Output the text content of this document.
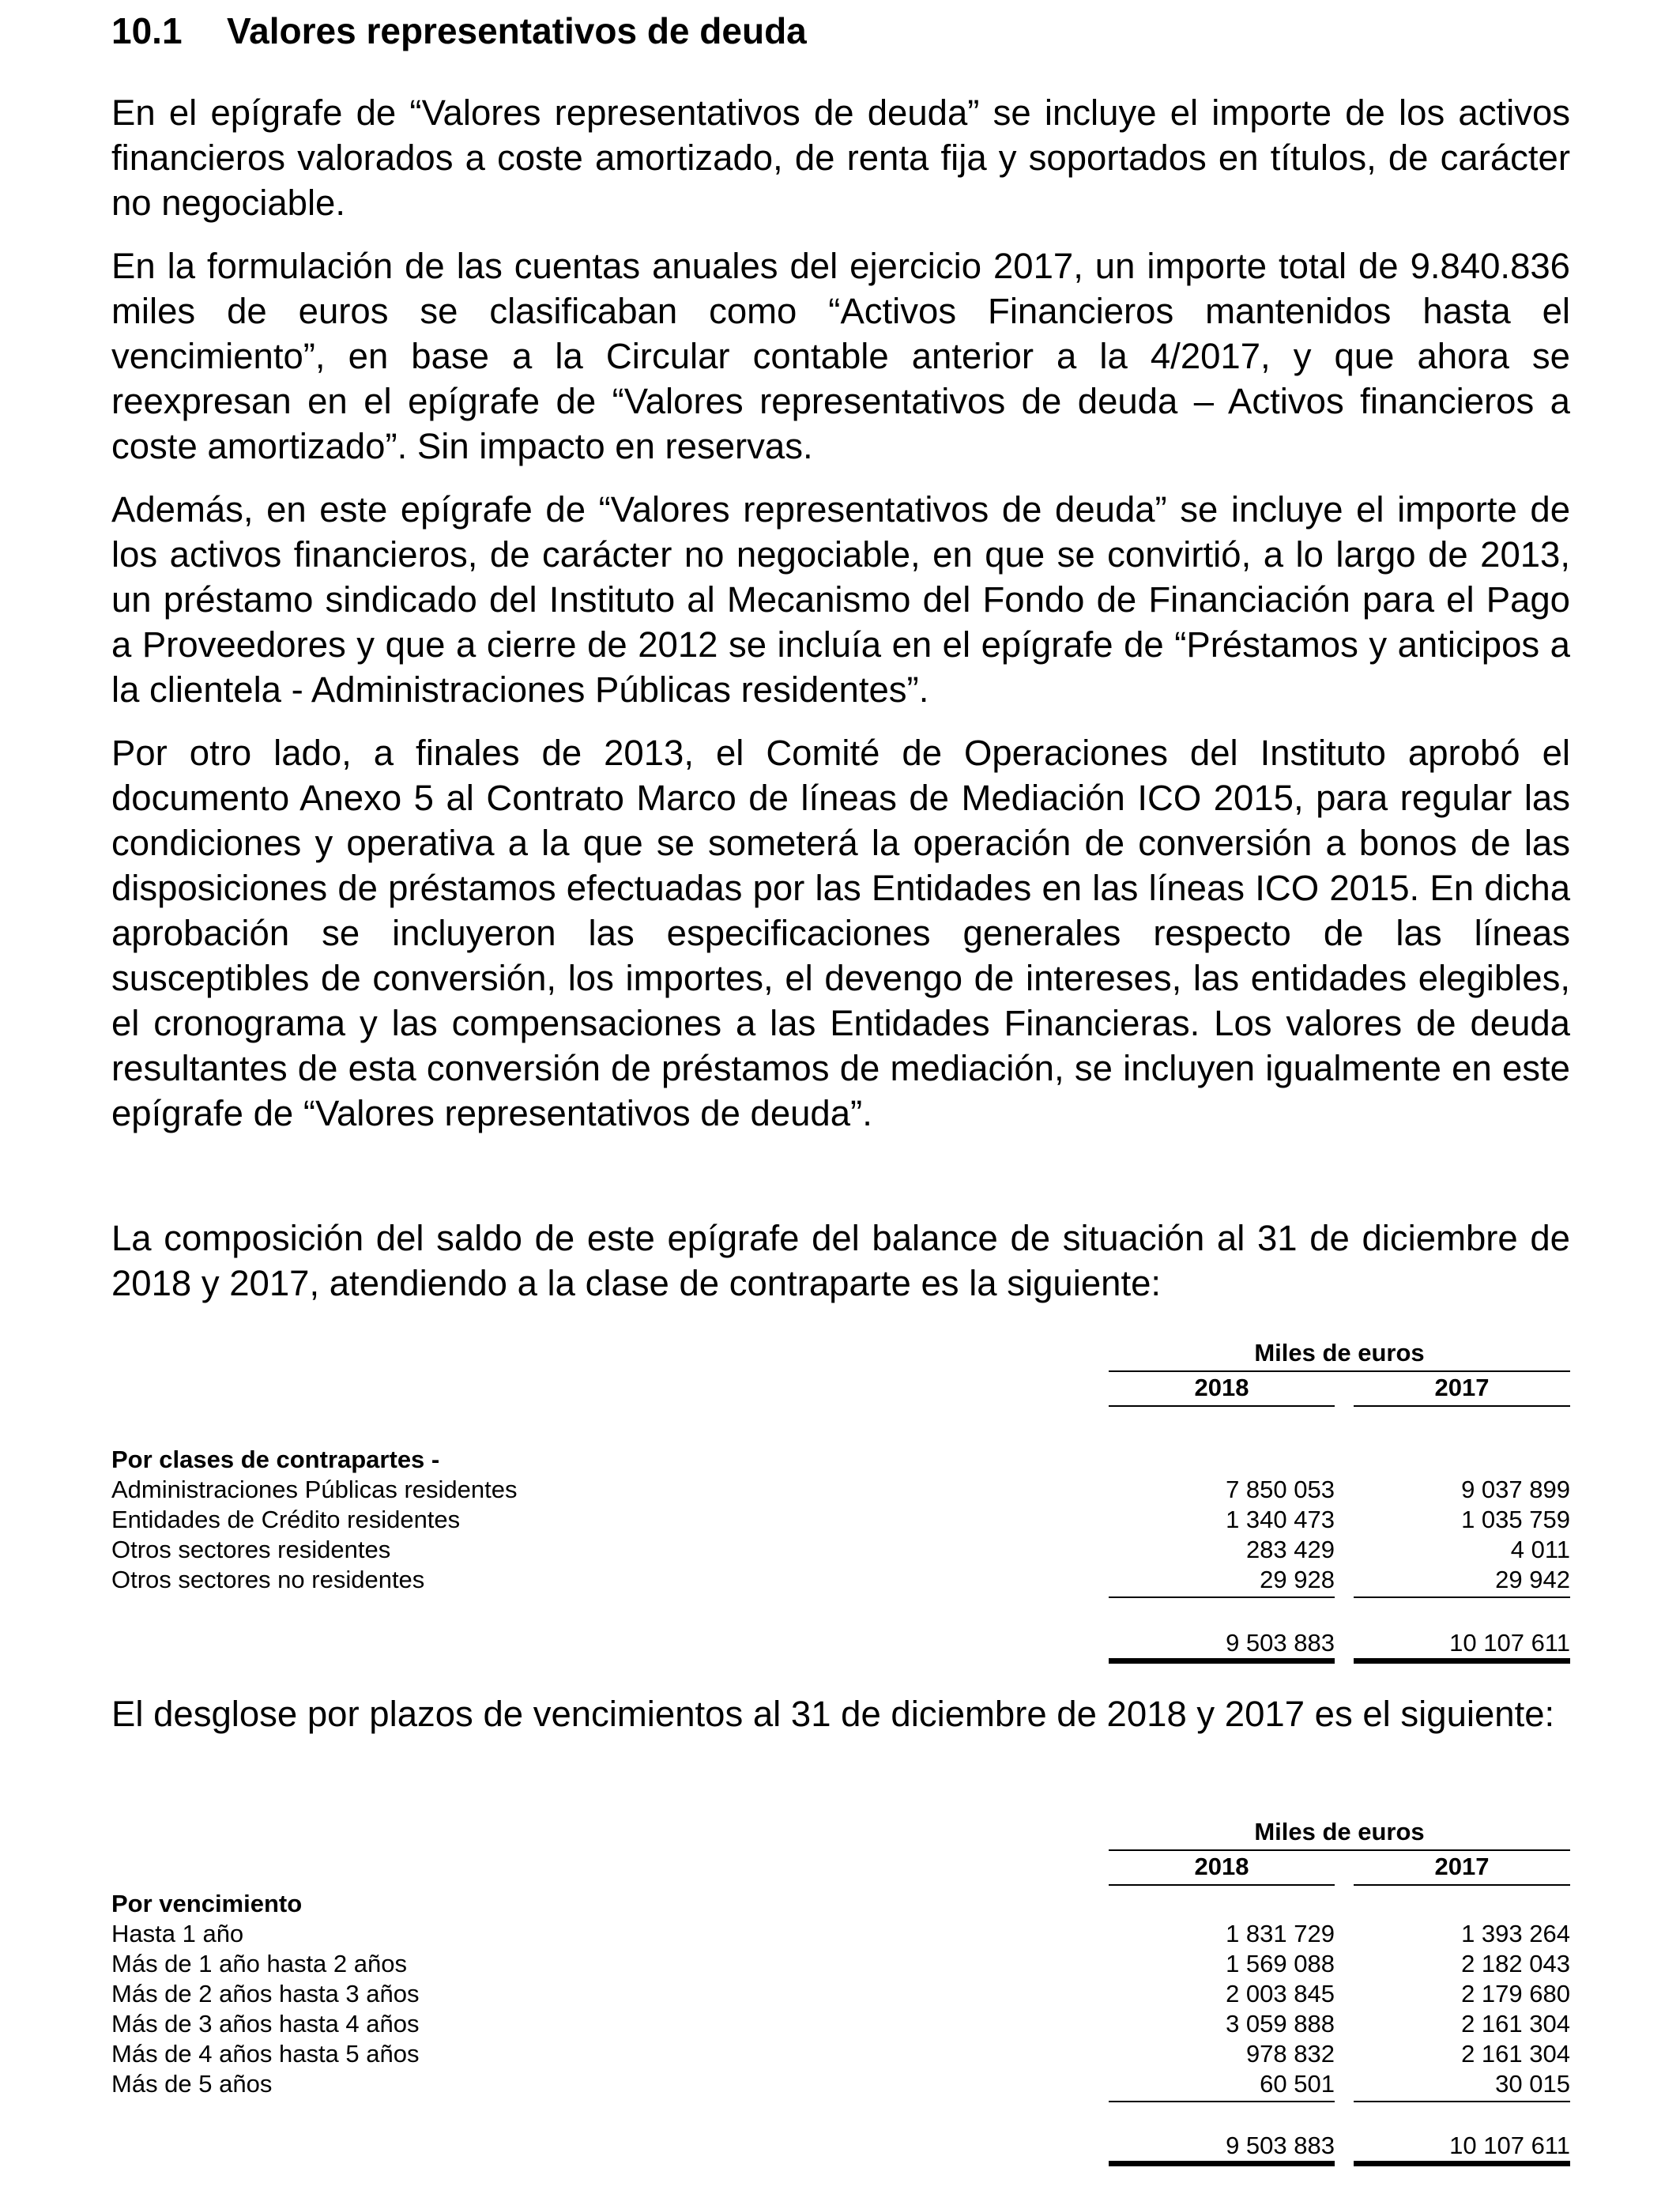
10.1 Valores representativos de deuda

En el epígrafe de “Valores representativos de deuda” se incluye el importe de los activos financieros valorados a coste amortizado, de renta fija y soportados en títulos, de carácter no negociable.

En la formulación de las cuentas anuales del ejercicio 2017, un importe total de 9.840.836 miles de euros se clasificaban como “Activos Financieros mantenidos hasta el vencimiento”, en base a la Circular contable anterior a la 4/2017, y que ahora se reexpresan en el epígrafe de “Valores representativos de deuda – Activos financieros a coste amortizado”. Sin impacto en reservas.

Además, en este epígrafe de “Valores representativos de deuda” se incluye el importe de los activos financieros, de carácter no negociable, en que se convirtió, a lo largo de 2013, un préstamo sindicado del Instituto al Mecanismo del Fondo de Financiación para el Pago a Proveedores y que a cierre de 2012 se incluía en el epígrafe de “Préstamos y anticipos a la clientela - Administraciones Públicas residentes”.

Por otro lado, a finales de 2013, el Comité de Operaciones del Instituto aprobó el documento Anexo 5 al Contrato Marco de líneas de Mediación ICO 2015, para regular las condiciones y operativa a la que se someterá la operación de conversión a bonos de las disposiciones de préstamos efectuadas por las Entidades en las líneas ICO 2015. En dicha aprobación se incluyeron las especificaciones generales respecto de las líneas susceptibles de conversión, los importes, el devengo de intereses, las entidades elegibles, el cronograma y las compensaciones a las Entidades Financieras. Los valores de deuda resultantes de esta conversión de préstamos de mediación, se incluyen igualmente en este epígrafe de “Valores representativos de deuda”.

La composición del saldo de este epígrafe del balance de situación al 31 de diciembre de 2018 y 2017, atendiendo a la clase de contraparte es la siguiente:

Miles de euros
2018	2017
Por clases de contrapartes -
Administraciones Públicas residentes	7 850 053	9 037 899
Entidades de Crédito residentes	1 340 473	1 035 759
Otros sectores residentes	283 429	4 011
Otros sectores no residentes	29 928	29 942
9 503 883	10 107 611

El desglose por plazos de vencimientos al 31 de diciembre de 2018 y 2017 es el siguiente:

Miles de euros
2018	2017
Por vencimiento
Hasta 1 año	1 831 729	1 393 264
Más de 1 año hasta 2 años	1 569 088	2 182 043
Más de 2 años hasta 3 años	2 003 845	2 179 680
Más de 3 años hasta 4 años	3 059 888	2 161 304
Más de 4 años hasta 5 años	978 832	2 161 304
Más de 5 años	60 501	30 015
9 503 883	10 107 611
